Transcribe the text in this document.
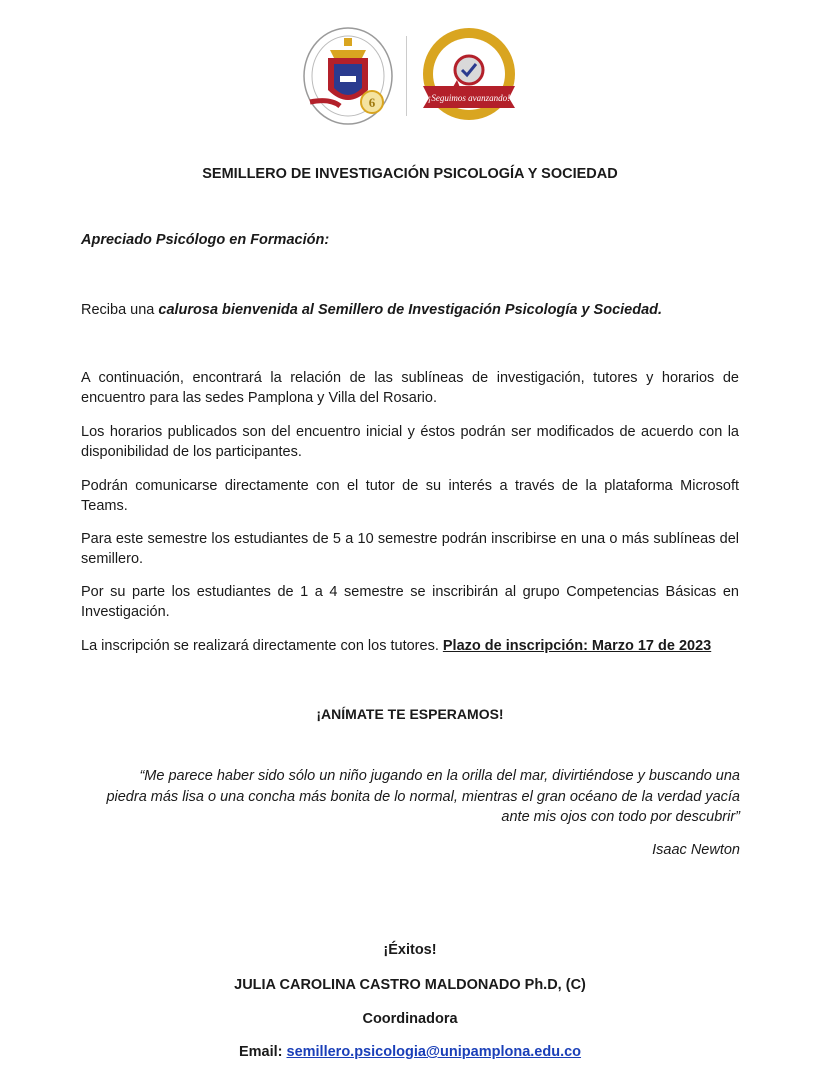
6	¡Seguimos avanzando!
SEMILLERO DE INVESTIGACIÓN PSICOLOGÍA Y SOCIEDAD
Apreciado Psicólogo en Formación:
Reciba una calurosa bienvenida al Semillero de Investigación Psicología y Sociedad.
A continuación, encontrará la relación de las sublíneas de investigación, tutores y horarios de encuentro para las sedes Pamplona y Villa del Rosario.
Los horarios publicados son del encuentro inicial y éstos podrán ser modificados de acuerdo con la disponibilidad de los participantes.
Podrán comunicarse directamente con el tutor de su interés a través de la plataforma Microsoft Teams.
Para este semestre los estudiantes de 5 a 10 semestre podrán inscribirse en una o más sublíneas del semillero.
Por su parte los estudiantes de 1 a 4 semestre se inscribirán al grupo Competencias Básicas en Investigación.
La inscripción se realizará directamente con los tutores. Plazo de inscripción: Marzo 17 de 2023
¡ANÍMATE TE ESPERAMOS!
“Me parece haber sido sólo un niño jugando en la orilla del mar, divirtiéndose y buscando una piedra más lisa o una concha más bonita de lo normal, mientras el gran océano de la verdad yacía ante mis ojos con todo por descubrir”
Isaac Newton
¡Éxitos!
JULIA CAROLINA CASTRO MALDONADO Ph.D, (C)
Coordinadora
Email: semillero.psicologia@unipamplona.edu.co
